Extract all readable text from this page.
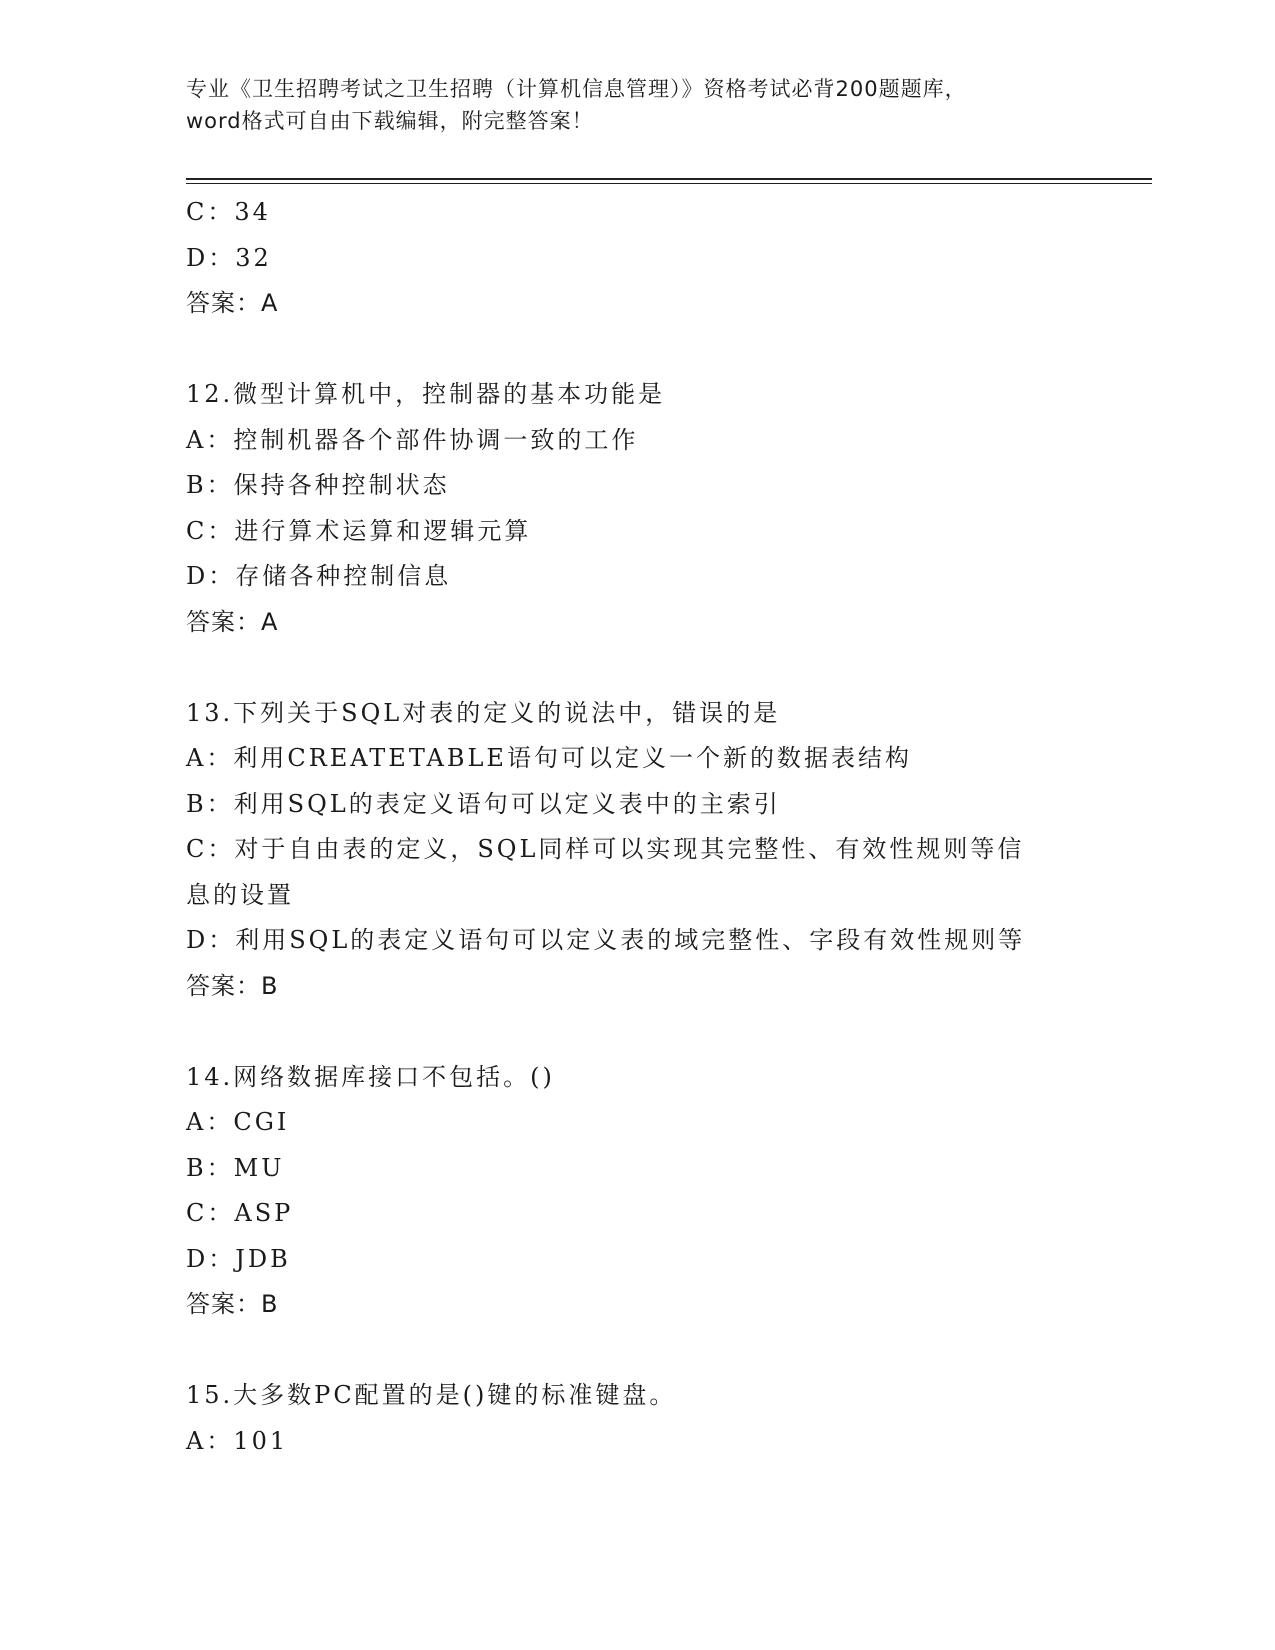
专业《卫生招聘考试之卫生招聘（计算机信息管理）》资格考试必背200题题库，
word格式可自由下载编辑，附完整答案！
C：34
D：32
答案：A
12.微型计算机中，控制器的基本功能是
A：控制机器各个部件协调一致的工作
B：保持各种控制状态
C：进行算术运算和逻辑元算
D：存储各种控制信息
答案：A
13.下列关于SQL对表的定义的说法中，错误的是
A：利用CREATETABLE语句可以定义一个新的数据表结构
B：利用SQL的表定义语句可以定义表中的主索引
C：对于自由表的定义，SQL同样可以实现其完整性、有效性规则等信
息的设置
D：利用SQL的表定义语句可以定义表的域完整性、字段有效性规则等
答案：B
14.网络数据库接口不包括。()
A：CGI
B：MU
C：ASP
D：JDB
答案：B
15.大多数PC配置的是()键的标准键盘。
A：101
